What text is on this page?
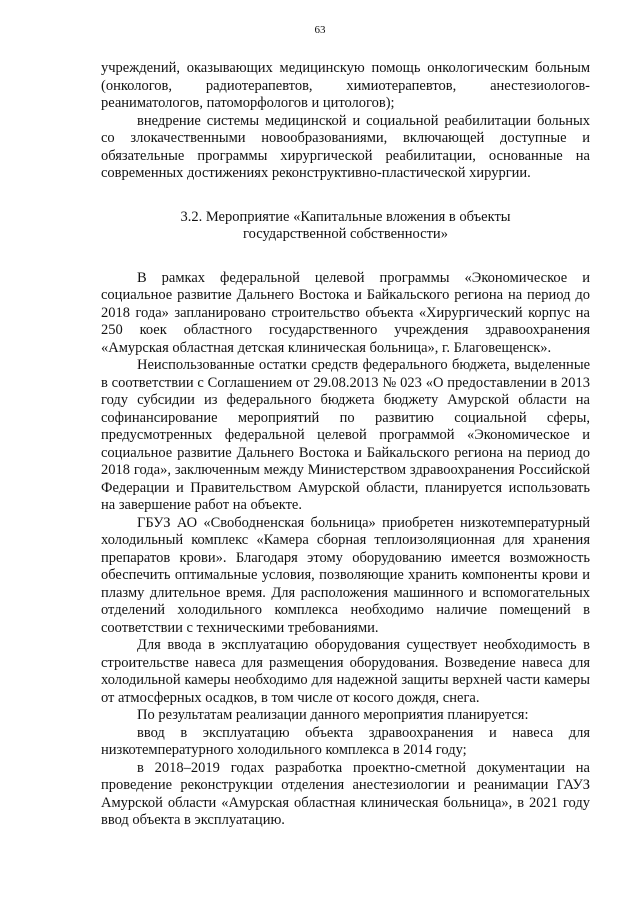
63

учреждений, оказывающих медицинскую помощь онкологическим больным (онкологов, радиотерапевтов, химиотерапевтов, анестезиологов-реаниматологов, патоморфологов и цитологов);

внедрение системы медицинской и социальной реабилитации больных со злокачественными новообразованиями, включающей доступные и обязательные программы хирургической реабилитации, основанные на современных достижениях реконструктивно-пластической хирургии.

3.2. Мероприятие «Капитальные вложения в объекты
государственной собственности»

В рамках федеральной целевой программы «Экономическое и социальное развитие Дальнего Востока и Байкальского региона на период до 2018 года» запланировано строительство объекта «Хирургический корпус на 250 коек областного государственного учреждения здравоохранения «Амурская областная детская клиническая больница», г. Благовещенск».

Неиспользованные остатки средств федерального бюджета, выделенные в соответствии с Соглашением от 29.08.2013 № 023 «О предоставлении в 2013 году субсидии из федерального бюджета бюджету Амурской области на софинансирование мероприятий по развитию социальной сферы, предусмотренных федеральной целевой программой «Экономическое и социальное развитие Дальнего Востока и Байкальского региона на период до 2018 года», заключенным между Министерством здравоохранения Российской Федерации и Правительством Амурской области, планируется использовать на завершение работ на объекте.

ГБУЗ АО «Свободненская больница» приобретен низкотемпературный холодильный комплекс «Камера сборная теплоизоляционная для хранения препаратов крови». Благодаря этому оборудованию имеется возможность обеспечить оптимальные условия, позволяющие хранить компоненты крови и плазму длительное время. Для расположения машинного и вспомогательных отделений холодильного комплекса необходимо наличие помещений в соответствии с техническими требованиями.

Для ввода в эксплуатацию оборудования существует необходимость в строительстве навеса для размещения оборудования. Возведение навеса для холодильной камеры необходимо для надежной защиты верхней части камеры от атмосферных осадков, в том числе от косого дождя, снега.

По результатам реализации данного мероприятия планируется:

ввод в эксплуатацию объекта здравоохранения и навеса для низкотемпературного холодильного комплекса в 2014 году;

в 2018–2019 годах разработка проектно-сметной документации на проведение реконструкции отделения анестезиологии и реанимации ГАУЗ Амурской области «Амурская областная клиническая больница», в 2021 году ввод объекта в эксплуатацию.
